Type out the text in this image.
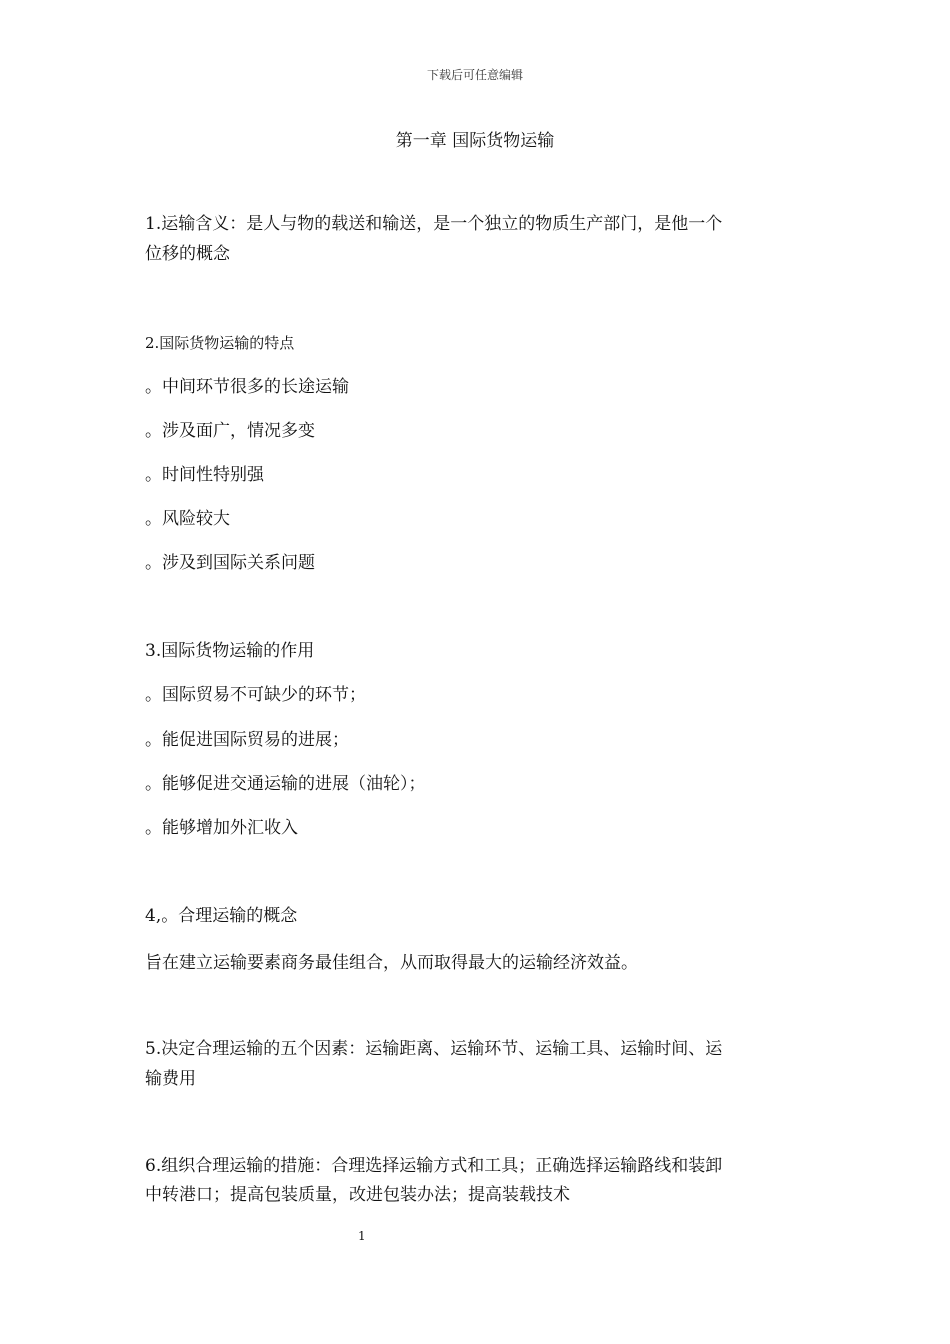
下载后可任意编辑
第一章 国际货物运输
1.运输含义：是人与物的载送和输送，是一个独立的物质生产部门，是他一个
位移的概念
2.国际货物运输的特点
。中间环节很多的长途运输
。涉及面广，情况多变
。时间性特别强
。风险较大
。涉及到国际关系问题
3.国际货物运输的作用
。国际贸易不可缺少的环节；
。能促进国际贸易的进展；
。能够促进交通运输的进展（油轮）；
。能够增加外汇收入
4,。合理运输的概念
旨在建立运输要素商务最佳组合，从而取得最大的运输经济效益。
5.决定合理运输的五个因素：运输距离、运输环节、运输工具、运输时间、运
输费用
6.组织合理运输的措施：合理选择运输方式和工具；正确选择运输路线和装卸
中转港口；提高包装质量，改进包装办法；提高装载技术
1
